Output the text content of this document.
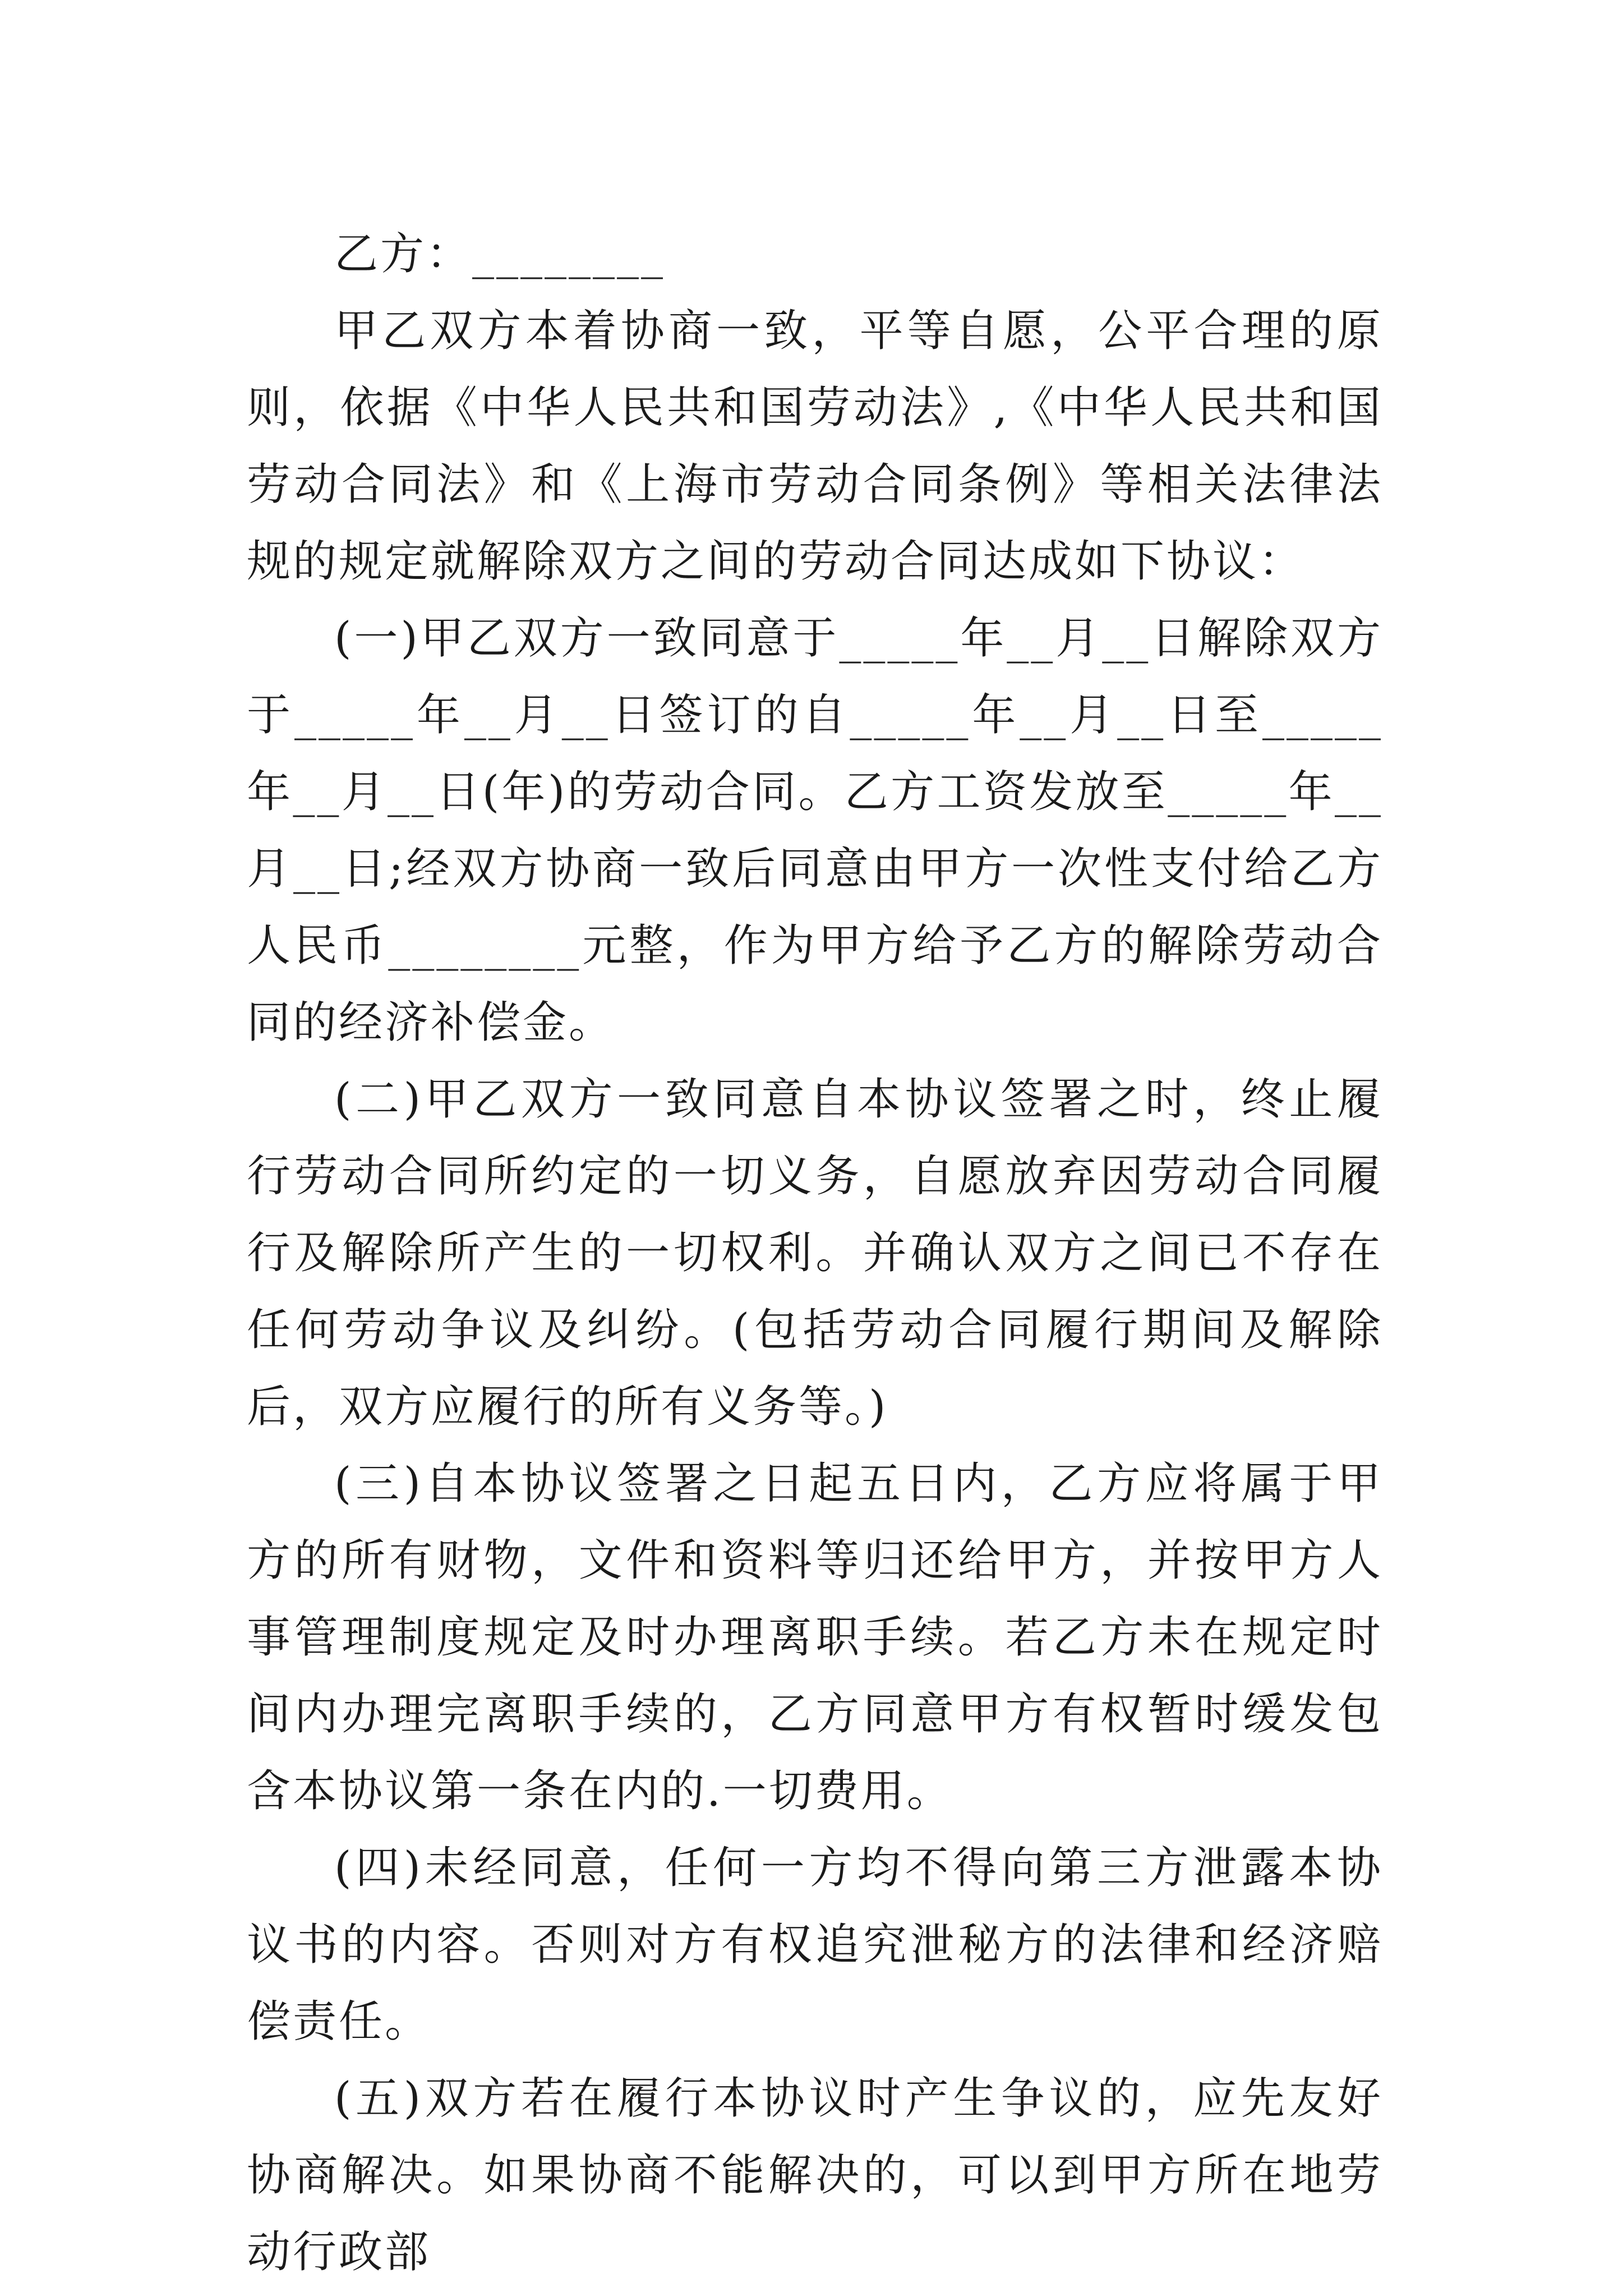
乙方：________

甲乙双方本着协商一致，平等自愿，公平合理的原则，依据《中华人民共和国劳动法》,《中华人民共和国劳动合同法》和《上海市劳动合同条例》等相关法律法规的规定就解除双方之间的劳动合同达成如下协议：

(一)甲乙双方一致同意于_____年__月__日解除双方于_____年__月__日签订的自_____年__月__日至_____年__月__日(年)的劳动合同。乙方工资发放至_____年__月__日;经双方协商一致后同意由甲方一次性支付给乙方人民币________元整，作为甲方给予乙方的解除劳动合同的经济补偿金。

(二)甲乙双方一致同意自本协议签署之时，终止履行劳动合同所约定的一切义务，自愿放弃因劳动合同履行及解除所产生的一切权利。并确认双方之间已不存在任何劳动争议及纠纷。(包括劳动合同履行期间及解除后，双方应履行的所有义务等。)

(三)自本协议签署之日起五日内，乙方应将属于甲方的所有财物，文件和资料等归还给甲方，并按甲方人事管理制度规定及时办理离职手续。若乙方未在规定时间内办理完离职手续的，乙方同意甲方有权暂时缓发包含本协议第一条在内的.一切费用。

(四)未经同意，任何一方均不得向第三方泄露本协议书的内容。否则对方有权追究泄秘方的法律和经济赔偿责任。

(五)双方若在履行本协议时产生争议的，应先友好协商解决。如果协商不能解决的，可以到甲方所在地劳动行政部
